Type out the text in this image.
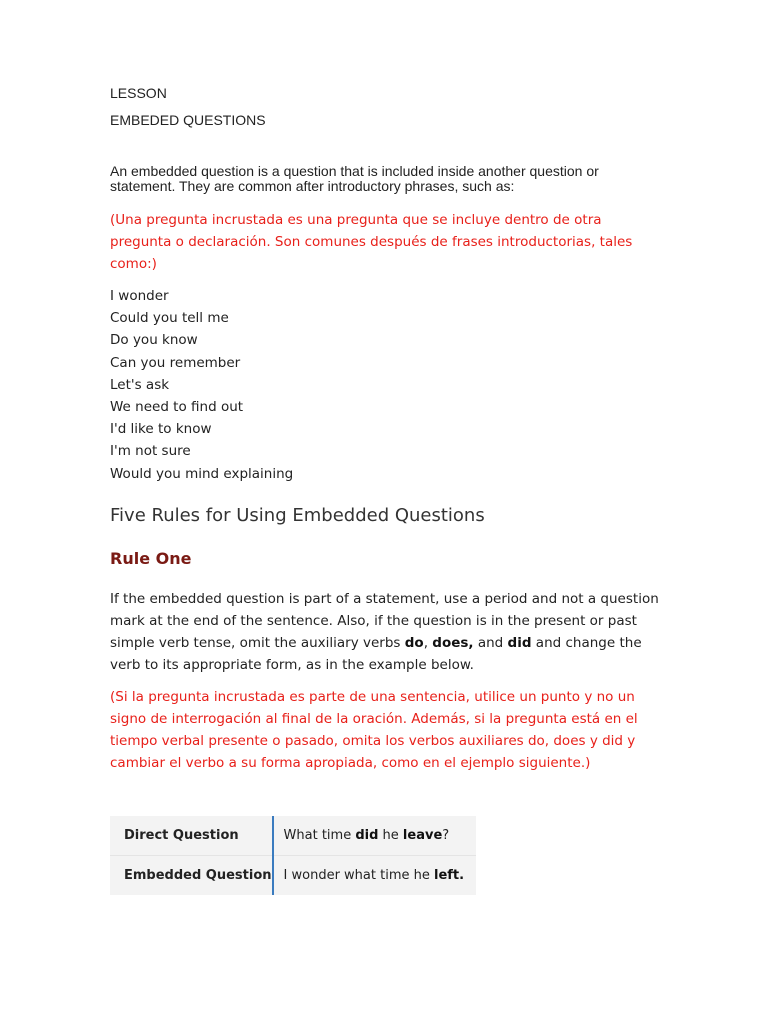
LESSON
EMBEDED QUESTIONS
An embedded question is a question that is included inside another question or statement. They are common after introductory phrases, such as:
(Una pregunta incrustada es una pregunta que se incluye dentro de otra pregunta o declaración. Son comunes después de frases introductorias, tales como:)
I wonder
Could you tell me
Do you know
Can you remember
Let's ask
We need to find out
I'd like to know
I'm not sure
Would you mind explaining
Five Rules for Using Embedded Questions
Rule One
If the embedded question is part of a statement, use a period and not a question mark at the end of the sentence. Also, if the question is in the present or past simple verb tense, omit the auxiliary verbs do, does, and did and change the verb to its appropriate form, as in the example below.
(Si la pregunta incrustada es parte de una sentencia, utilice un punto y no un signo de interrogación al final de la oración. Además, si la pregunta está en el tiempo verbal presente o pasado, omita los verbos auxiliares do, does y did y cambiar el verbo a su forma apropiada, como en el ejemplo siguiente.)
Direct Question	What time did he leave?
Embedded Question	I wonder what time he left.
